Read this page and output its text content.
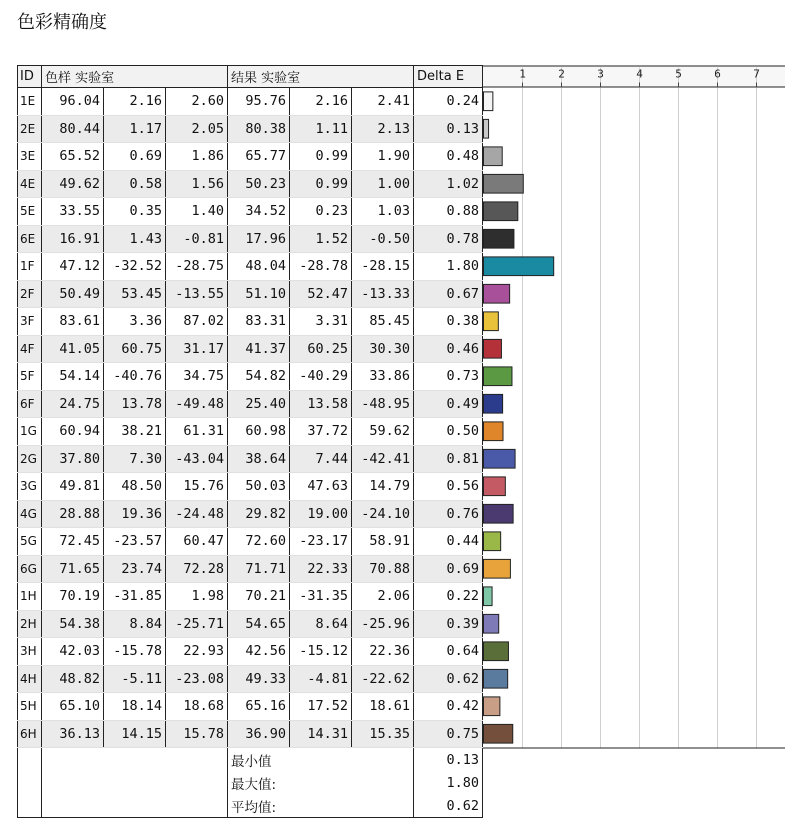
色彩精确度
ID	色样 实验室			结果 实验室			Delta E
1E	96.04	2.16	2.60	95.76	2.16	2.41	0.24
2E	80.44	1.17	2.05	80.38	1.11	2.13	0.13
3E	65.52	0.69	1.86	65.77	0.99	1.90	0.48
4E	49.62	0.58	1.56	50.23	0.99	1.00	1.02
5E	33.55	0.35	1.40	34.52	0.23	1.03	0.88
6E	16.91	1.43	-0.81	17.96	1.52	-0.50	0.78
1F	47.12	-32.52	-28.75	48.04	-28.78	-28.15	1.80
2F	50.49	53.45	-13.55	51.10	52.47	-13.33	0.67
3F	83.61	3.36	87.02	83.31	3.31	85.45	0.38
4F	41.05	60.75	31.17	41.37	60.25	30.30	0.46
5F	54.14	-40.76	34.75	54.82	-40.29	33.86	0.73
6F	24.75	13.78	-49.48	25.40	13.58	-48.95	0.49
1G	60.94	38.21	61.31	60.98	37.72	59.62	0.50
2G	37.80	7.30	-43.04	38.64	7.44	-42.41	0.81
3G	49.81	48.50	15.76	50.03	47.63	14.79	0.56
4G	28.88	19.36	-24.48	29.82	19.00	-24.10	0.76
5G	72.45	-23.57	60.47	72.60	-23.17	58.91	0.44
6G	71.65	23.74	72.28	71.71	22.33	70.88	0.69
1H	70.19	-31.85	1.98	70.21	-31.35	2.06	0.22
2H	54.38	8.84	-25.71	54.65	8.64	-25.96	0.39
3H	42.03	-15.78	22.93	42.56	-15.12	22.36	0.64
4H	48.82	-5.11	-23.08	49.33	-4.81	-22.62	0.62
5H	65.10	18.14	18.68	65.16	17.52	18.61	0.42
6H	36.13	14.15	15.78	36.90	14.31	15.35	0.75
				最小值			0.13
				最大值:			1.80
				平均值:			0.62
1	2	3	4	5	6	7
